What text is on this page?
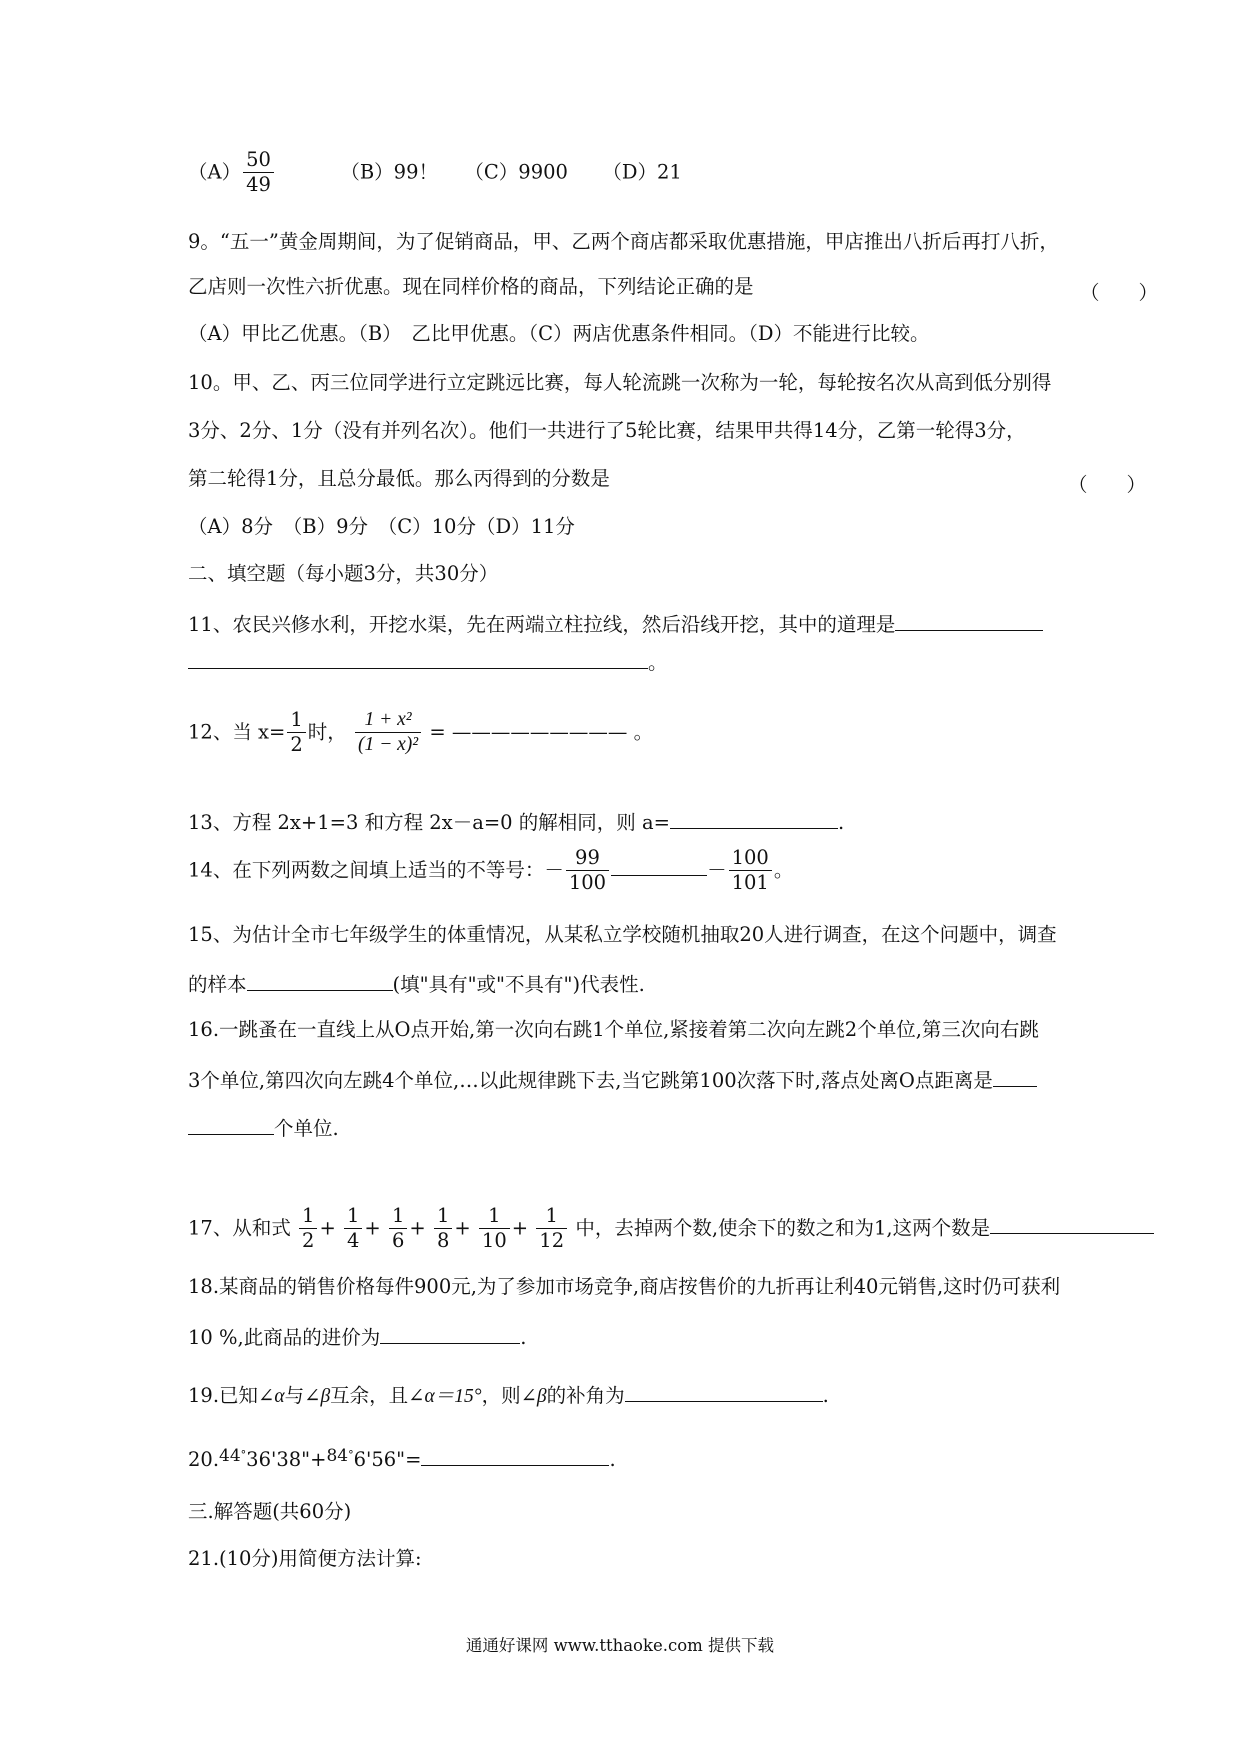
$(A) \frac{50}{49}$	（B）99！ （C）9900 （D）21
9。“五一”黄金周期间，为了促销商品，甲、乙两个商店都采取优惠措施，甲店推出八折后再打八折，
乙店则一次性六折优惠。现在同样价格的商品，下列结论正确的是	（　　）
（A）甲比乙优惠。（B）　乙比甲优惠。（C）两店优惠条件相同。（D）不能进行比较。
10。甲、乙、丙三位同学进行立定跳远比赛，每人轮流跳一次称为一轮，每轮按名次从高到低分别得
3分、2分、1分（没有并列名次）。他们一共进行了5轮比赛，结果甲共得14分，乙第一轮得3分，
第二轮得1分，且总分最低。那么丙得到的分数是	（　　）
（A）8分　（B）9分　（C）10分（D）11分
二、填空题（每小题3分，共30分）
11、农民兴修水利，开挖水渠，先在两端立柱拉线，然后沿线开挖，其中的道理是
。
12、当 $x= \frac{1}{2}$ 时， $\frac{\text{1 + x²}}{\text{(1 − x)²}}$ = ————————— 。
13、方程 2x+1=3 和方程 2x－a=0 的解相同，则 a=	.
14、在下列两数之间填上适当的不等号：－ $\frac{99}{100}$	－ $\frac{100}{101}$ 。
15、为估计全市七年级学生的体重情况，从某私立学校随机抽取20人进行调查，在这个问题中，调查
的样本	(填"具有"或"不具有")代表性.
16.一跳蚤在一直线上从O点开始,第一次向右跳1个单位,紧接着第二次向左跳2个单位,第三次向右跳
3个单位,第四次向左跳4个单位,…以此规律跳下去,当它跳第100次落下时,落点处离O点距离是
个单位.
17、从和式 $\frac{1}{2} + \frac{1}{4} + \frac{1}{6} + \frac{1}{8} + \frac{1}{10} + \frac{1}{12}$ 中，去掉两个数,使余下的数之和为1,这两个数是
18.某商品的销售价格每件900元,为了参加市场竞争,商店按售价的九折再让利40元销售,这时仍可获利
10 %,此商品的进价为	.
19.已知∠α与∠β互余，且∠α＝15°，则∠β的补角为	.
20.44°36'38"+84°6'56"=	.
三.解答题(共60分)
21.(10分)用简便方法计算:
通通好课网 www.tthaoke.com 提供下载
